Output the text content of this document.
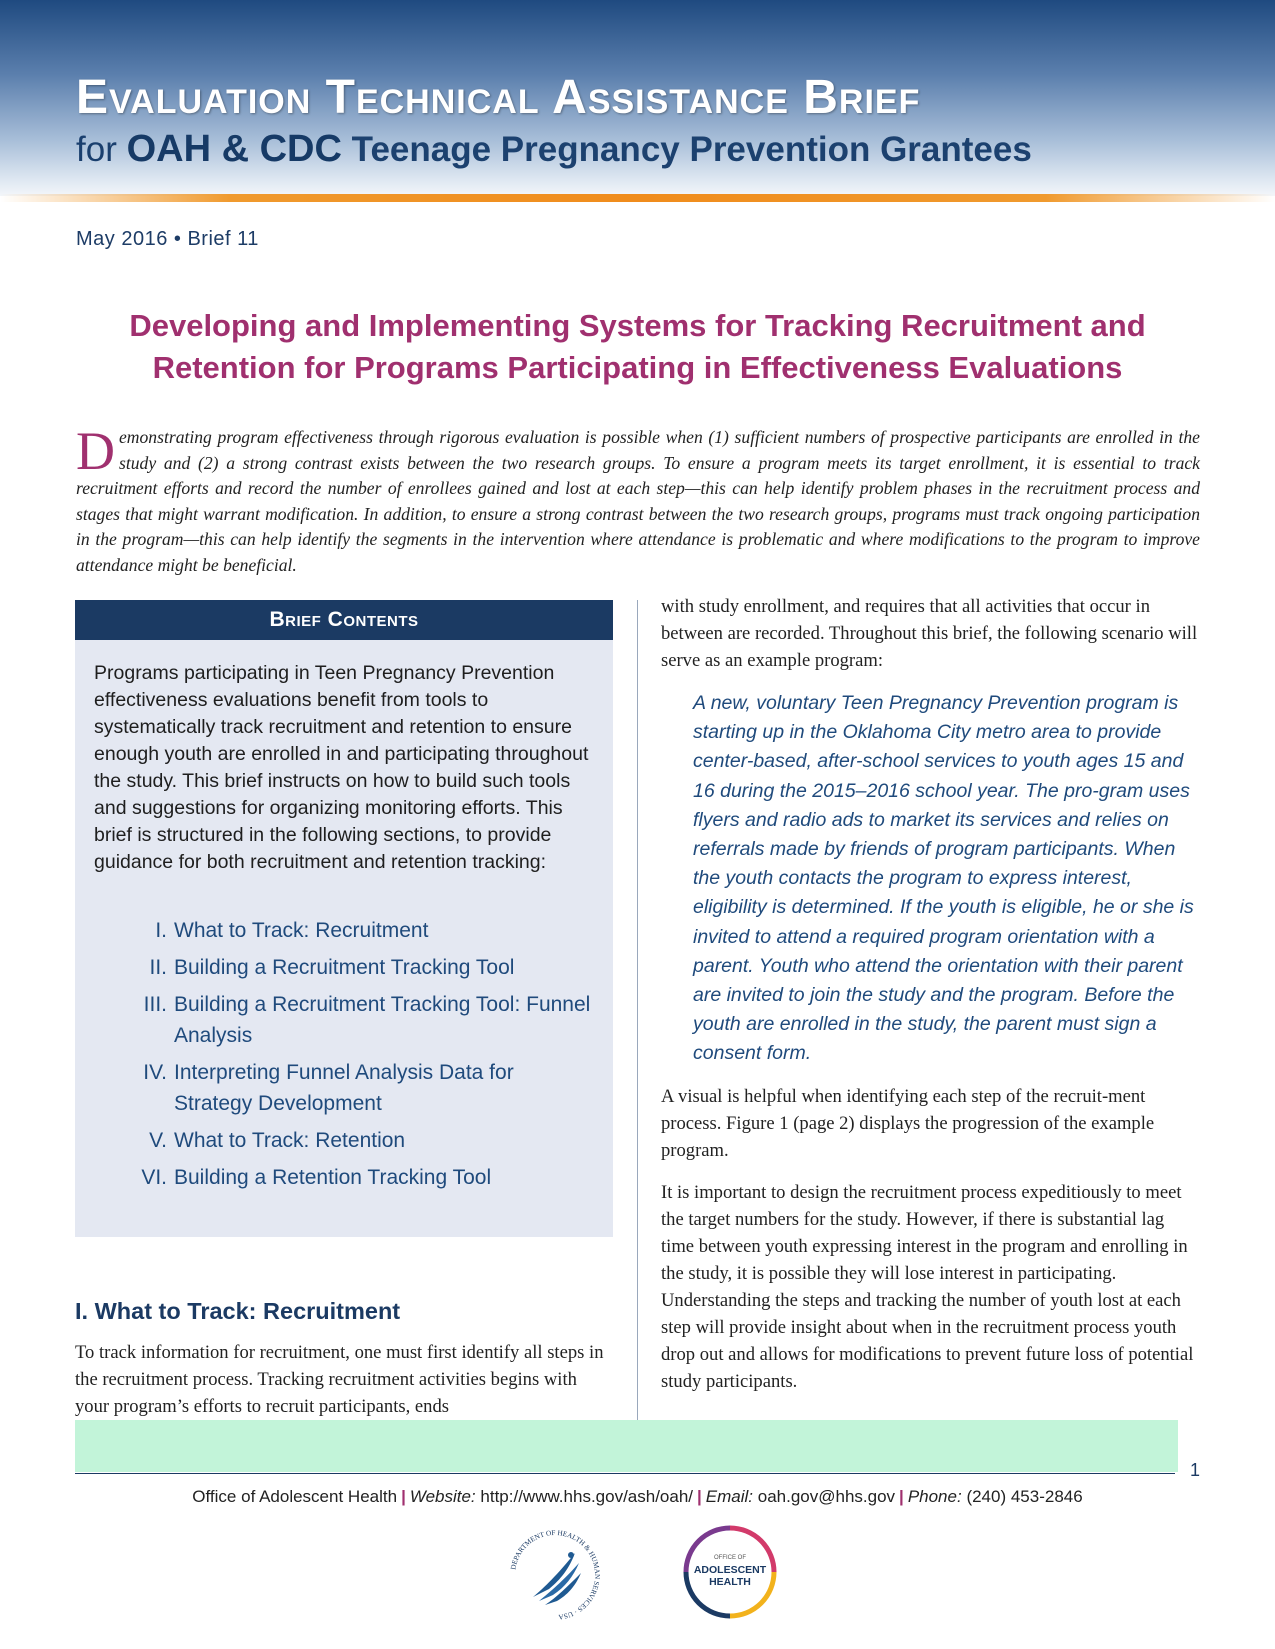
Evaluation Technical Assistance Brief
for OAH & CDC Teenage Pregnancy Prevention Grantees
May 2016 • Brief 11
Developing and Implementing Systems for Tracking Recruitment and Retention for Programs Participating in Effectiveness Evaluations

Demonstrating program effectiveness through rigorous evaluation is possible when (1) sufficient numbers of prospective participants are enrolled in the study and (2) a strong contrast exists between the two research groups. To ensure a program meets its target enrollment, it is essential to track recruitment efforts and record the number of enrollees gained and lost at each step—this can help identify problem phases in the recruitment process and stages that might warrant modification. In addition, to ensure a strong contrast between the two research groups, programs must track ongoing participation in the program—this can help identify the segments in the intervention where attendance is problematic and where modifications to the program to improve attendance might be beneficial.

Brief Contents

Programs participating in Teen Pregnancy Prevention effectiveness evaluations benefit from tools to systematically track recruitment and retention to ensure enough youth are enrolled in and participating throughout the study. This brief instructs on how to build such tools and suggestions for organizing monitoring efforts. This brief is structured in the following sections, to provide guidance for both recruitment and retention tracking:

I. What to Track: Recruitment
II. Building a Recruitment Tracking Tool
III. Building a Recruitment Tracking Tool: Funnel Analysis
IV. Interpreting Funnel Analysis Data for Strategy Development
V. What to Track: Retention
VI. Building a Retention Tracking Tool
I. What to Track: Recruitment

To track information for recruitment, one must first identify all steps in the recruitment process. Tracking recruitment activities begins with your program’s efforts to recruit participants, ends

with study enrollment, and requires that all activities that occur in between are recorded. Throughout this brief, the following scenario will serve as an example program:

A new, voluntary Teen Pregnancy Prevention program is starting up in the Oklahoma City metro area to provide center-based, after-school services to youth ages 15 and 16 during the 2015–2016 school year. The pro-gram uses flyers and radio ads to market its services and relies on referrals made by friends of program participants. When the youth contacts the program to express interest, eligibility is determined. If the youth is eligible, he or she is invited to attend a required program orientation with a parent. Youth who attend the orientation with their parent are invited to join the study and the program. Before the youth are enrolled in the study, the parent must sign a consent form.

A visual is helpful when identifying each step of the recruit-ment process. Figure 1 (page 2) displays the progression of the example program.

It is important to design the recruitment process expeditiously to meet the target numbers for the study. However, if there is substantial lag time between youth expressing interest in the program and enrolling in the study, it is possible they will lose interest in participating. Understanding the steps and tracking the number of youth lost at each step will provide insight about when in the recruitment process youth drop out and allows for modifications to prevent future loss of potential study participants.

1
Office of Adolescent Health | Website: http://www.hhs.gov/ash/oah/ | Email: oah.gov@hhs.gov | Phone: (240) 453-2846
DEPARTMENT OF HEALTH & HUMAN SERVICES · USA
OFFICE OF
ADOLESCENT
HEALTH
